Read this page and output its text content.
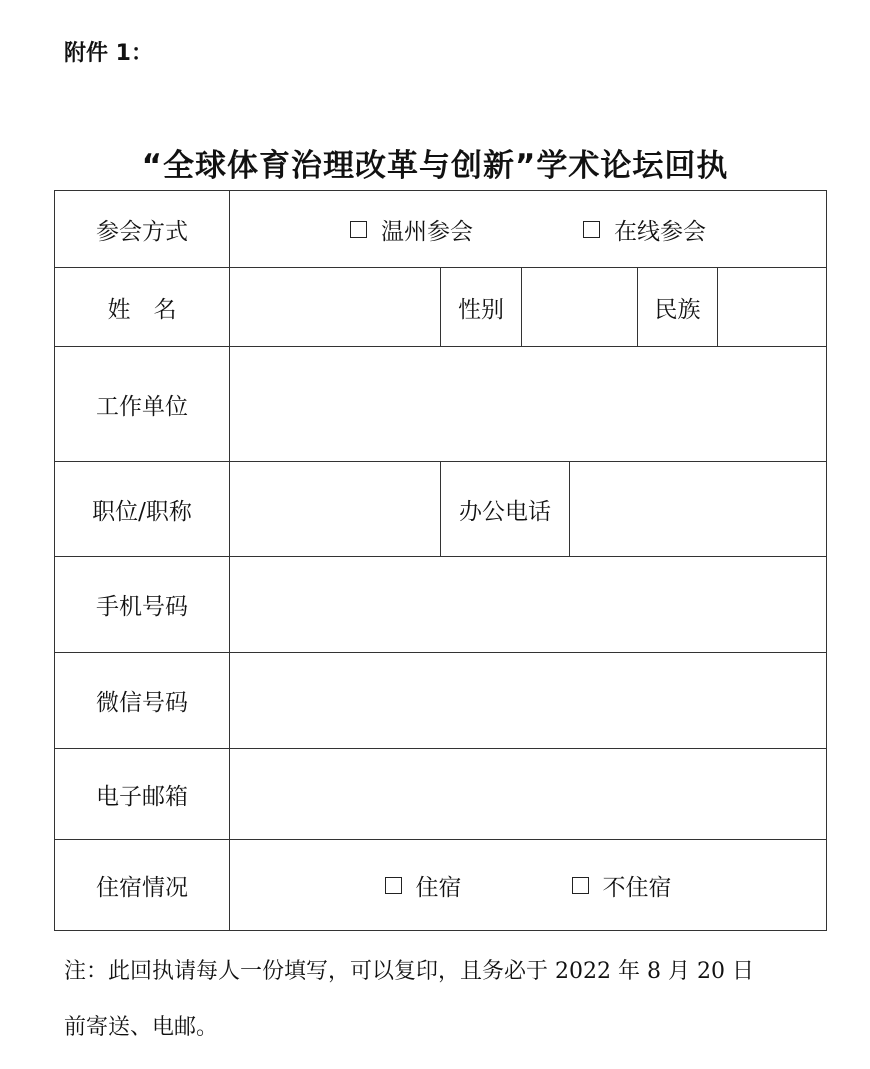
附件 1：
“全球体育治理改革与创新”学术论坛回执
参会方式	温州参会 在线参会					

姓　名		性别			民族	
工作单位						
职位/职称		办公电话				
手机号码						
微信号码						
电子邮箱						
住宿情况	住宿 不住宿					

注：此回执请每人一份填写，可以复印，且务必于 2022 年 8 月 20 日

前寄送、电邮。
